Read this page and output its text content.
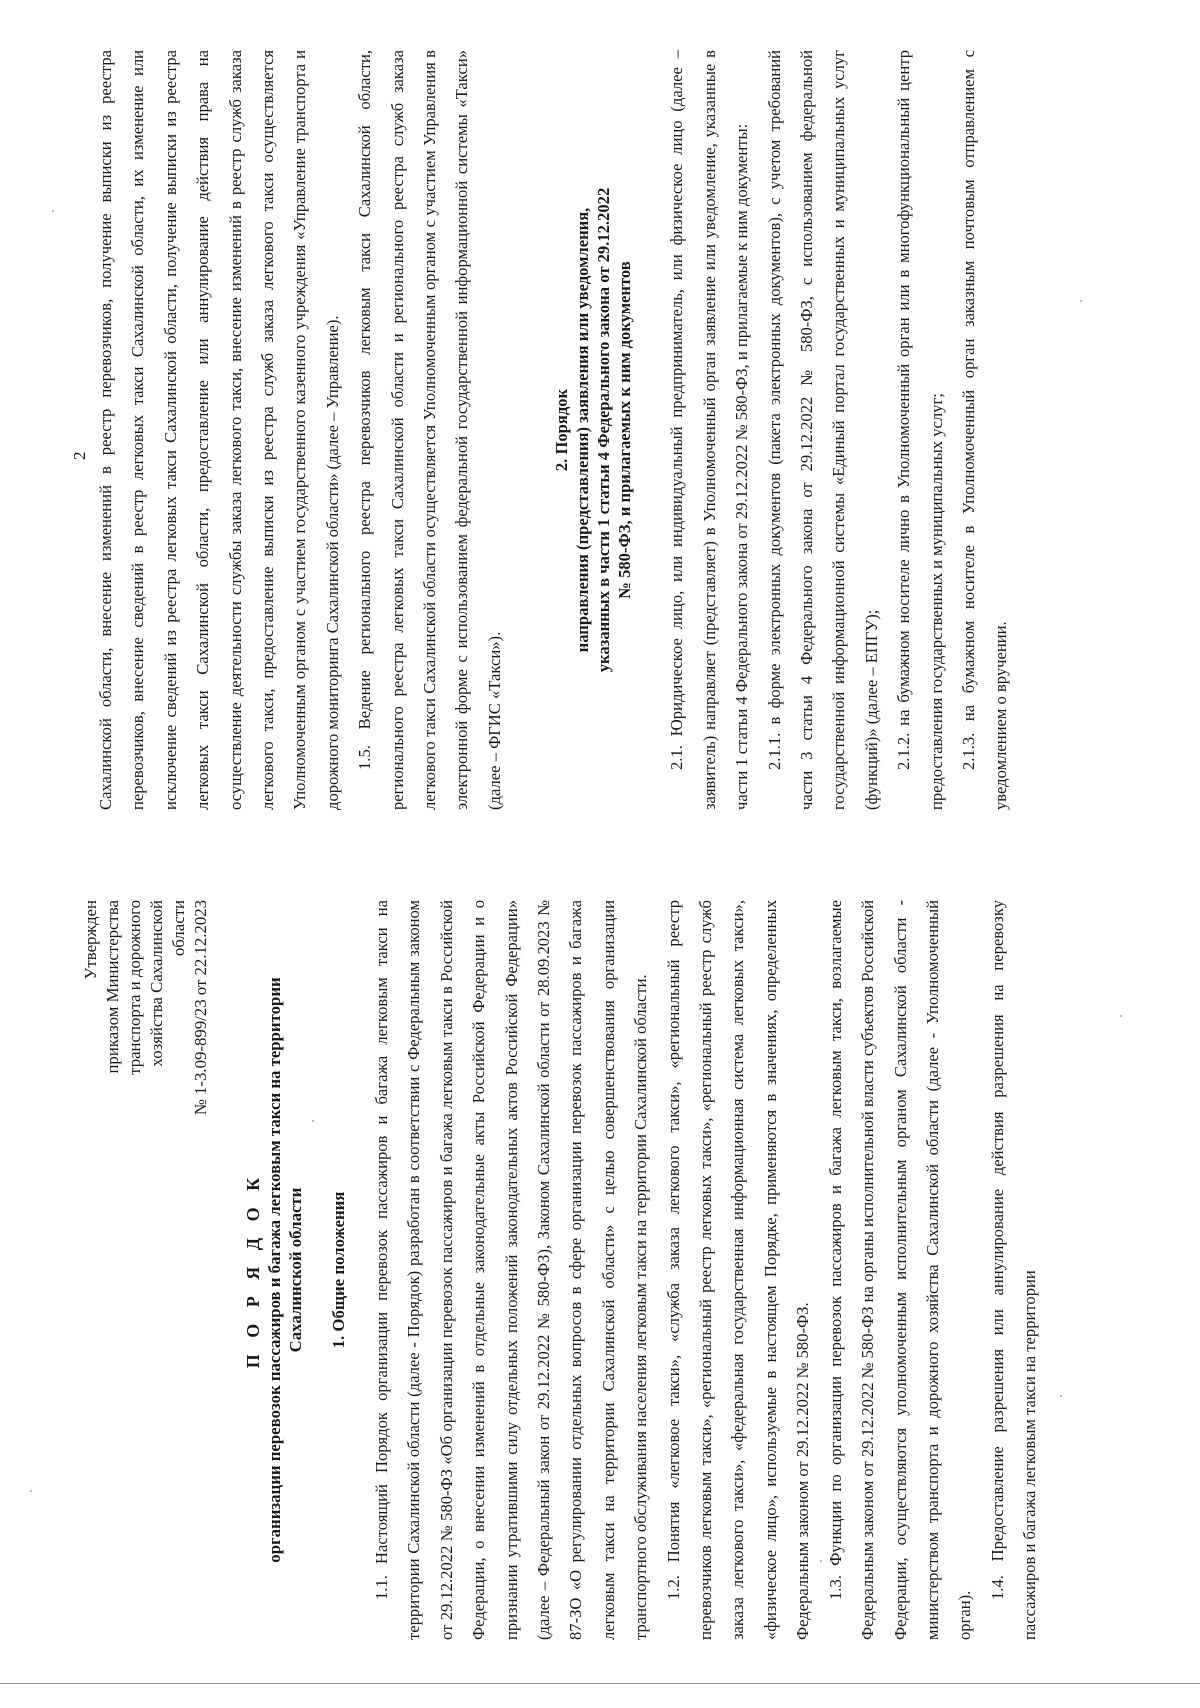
2
Утвержден приказом Министерства транспорта и дорожного хозяйства Сахалинской области № 1-3.09-899/23 от 22.12.2023
П О Р Я Д О К организации перевозок пассажиров и багажа легковым такси на территории Сахалинской области 1. Общие положения	1.1. Настоящий Порядок организации перевозок пассажиров и багажа легковым такси на территории Сахалинской области (далее - Порядок) разработан в соответствии с Федеральным законом от 29.12.2022 № 580-ФЗ «Об организации перевозок пассажиров и багажа легковым такси в Российской Федерации, о внесении изменений в отдельные законодательные акты Российской Федерации и о признании утратившими силу отдельных положений законодательных актов Российской Федерации» (далее – Федеральный закон от 29.12.2022 № 580-ФЗ), Законом Сахалинской области от 28.09.2023 № 87-ЗО «О регулировании отдельных вопросов в сфере организации перевозок пассажиров и багажа легковым такси на территории Сахалинской области» с целью совершенствования организации транспортного обслуживания населения легковым такси на территории Сахалинской области. 1.2. Понятия «легковое такси», «служба заказа легкового такси», «региональный реестр перевозчиков легковым такси», «региональный реестр легковых такси», «региональный реестр служб заказа легкового такси», «федеральная государственная информационная система легковых такси», «физическое лицо», используемые в настоящем Порядке, применяются в значениях, определенных Федеральным законом от 29.12.2022 № 580-ФЗ. 1.3. Функции по организации перевозок пассажиров и багажа легковым такси, возлагаемые Федеральным законом от 29.12.2022 № 580-ФЗ на органы исполнительной власти субъектов Российской Федерации, осуществляются уполномоченным исполнительным органом Сахалинской области - министерством транспорта и дорожного хозяйства Сахалинской области (далее - Уполномоченный орган).

1.4. Предоставление разрешения или аннулирование действия разрешения на перевозку пассажиров и багажа легковым такси на территории

Сахалинской области, внесение изменений в реестр перевозчиков, получение выписки из реестра перевозчиков, внесение сведений в реестр легковых такси Сахалинской области, их изменение или исключение сведений из реестра легковых такси Сахалинской области, получение выписки из реестра легковых такси Сахалинской области, предоставление или аннулирование действия права на осуществление деятельности службы заказа легкового такси, внесение изменений в реестр служб заказа легкового такси, предоставление выписки из реестра служб заказа легкового такси осуществляется Уполномоченным органом с участием государственного казенного учреждения «Управление транспорта и дорожного мониторинга Сахалинской области» (далее – Управление). 1.5. Ведение регионального реестра перевозчиков легковым такси Сахалинской области, регионального реестра легковых такси Сахалинской области и регионального реестра служб заказа легкового такси Сахалинской области осуществляется Уполномоченным органом с участием Управления в электронной форме с использованием федеральной государственной информационной системы «Такси» (далее – ФГИС «Такси»).

2. Порядок направления (представления) заявления или уведомления, указанных в части 1 статьи 4 Федерального закона от 29.12.2022 № 580-ФЗ, и прилагаемых к ним документов	2.1. Юридическое лицо, или индивидуальный предприниматель, или физическое лицо (далее – заявитель) направляет (представляет) в Уполномоченный орган заявление или уведомление, указанные в части 1 статьи 4 Федерального закона от 29.12.2022 № 580-ФЗ, и прилагаемые к ним документы: 2.1.1. в форме электронных документов (пакета электронных документов), с учетом требований части 3 статьи 4 Федерального закона от 29.12.2022 № 580-ФЗ, с использованием федеральной государственной информационной системы «Единый портал государственных и муниципальных услуг (функций)» (далее – ЕПГУ); 2.1.2. на бумажном носителе лично в Уполномоченный орган или в многофункциональный центр предоставления государственных и муниципальных услуг; 2.1.3. на бумажном носителе в Уполномоченный орган заказным почтовым отправлением с уведомлением о вручении.
